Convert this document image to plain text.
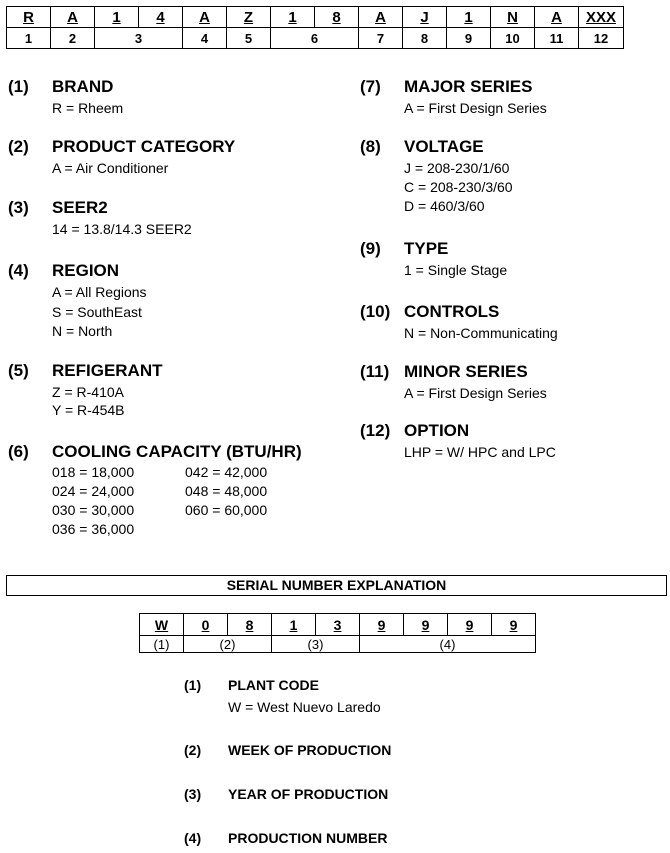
R	A	1	4	A	Z	1	8	A	J	1	N	A	XXX
1	2	3		4	5	6		7	8	9	10	11	12
(1) BRAND
R = Rheem
(2) PRODUCT CATEGORY
A = Air Conditioner
(3) SEER2
14 = 13.8/14.3 SEER2
(4) REGION
A = All Regions
S = SouthEast
N = North
(5) REFIGERANT
Z = R-410A
Y = R-454B
(6) COOLING CAPACITY (BTU/HR)
018 = 18,000
024 = 24,000
030 = 30,000
036 = 36,000
042 = 42,000
048 = 48,000
060 = 60,000
(7) MAJOR SERIES
A = First Design Series
(8) VOLTAGE
J = 208-230/1/60
C = 208-230/3/60
D = 460/3/60
(9) TYPE
1 = Single Stage
(10) CONTROLS
N = Non-Communicating
(11) MINOR SERIES
A = First Design Series
(12) OPTION
LHP = W/ HPC and LPC
SERIAL NUMBER EXPLANATION
W	0	8	1	3	9	9	9	9
(1)	(2)		(3)		(4)			
(1) PLANT CODE
W = West Nuevo Laredo
(2) WEEK OF PRODUCTION
(3) YEAR OF PRODUCTION
(4) PRODUCTION NUMBER
